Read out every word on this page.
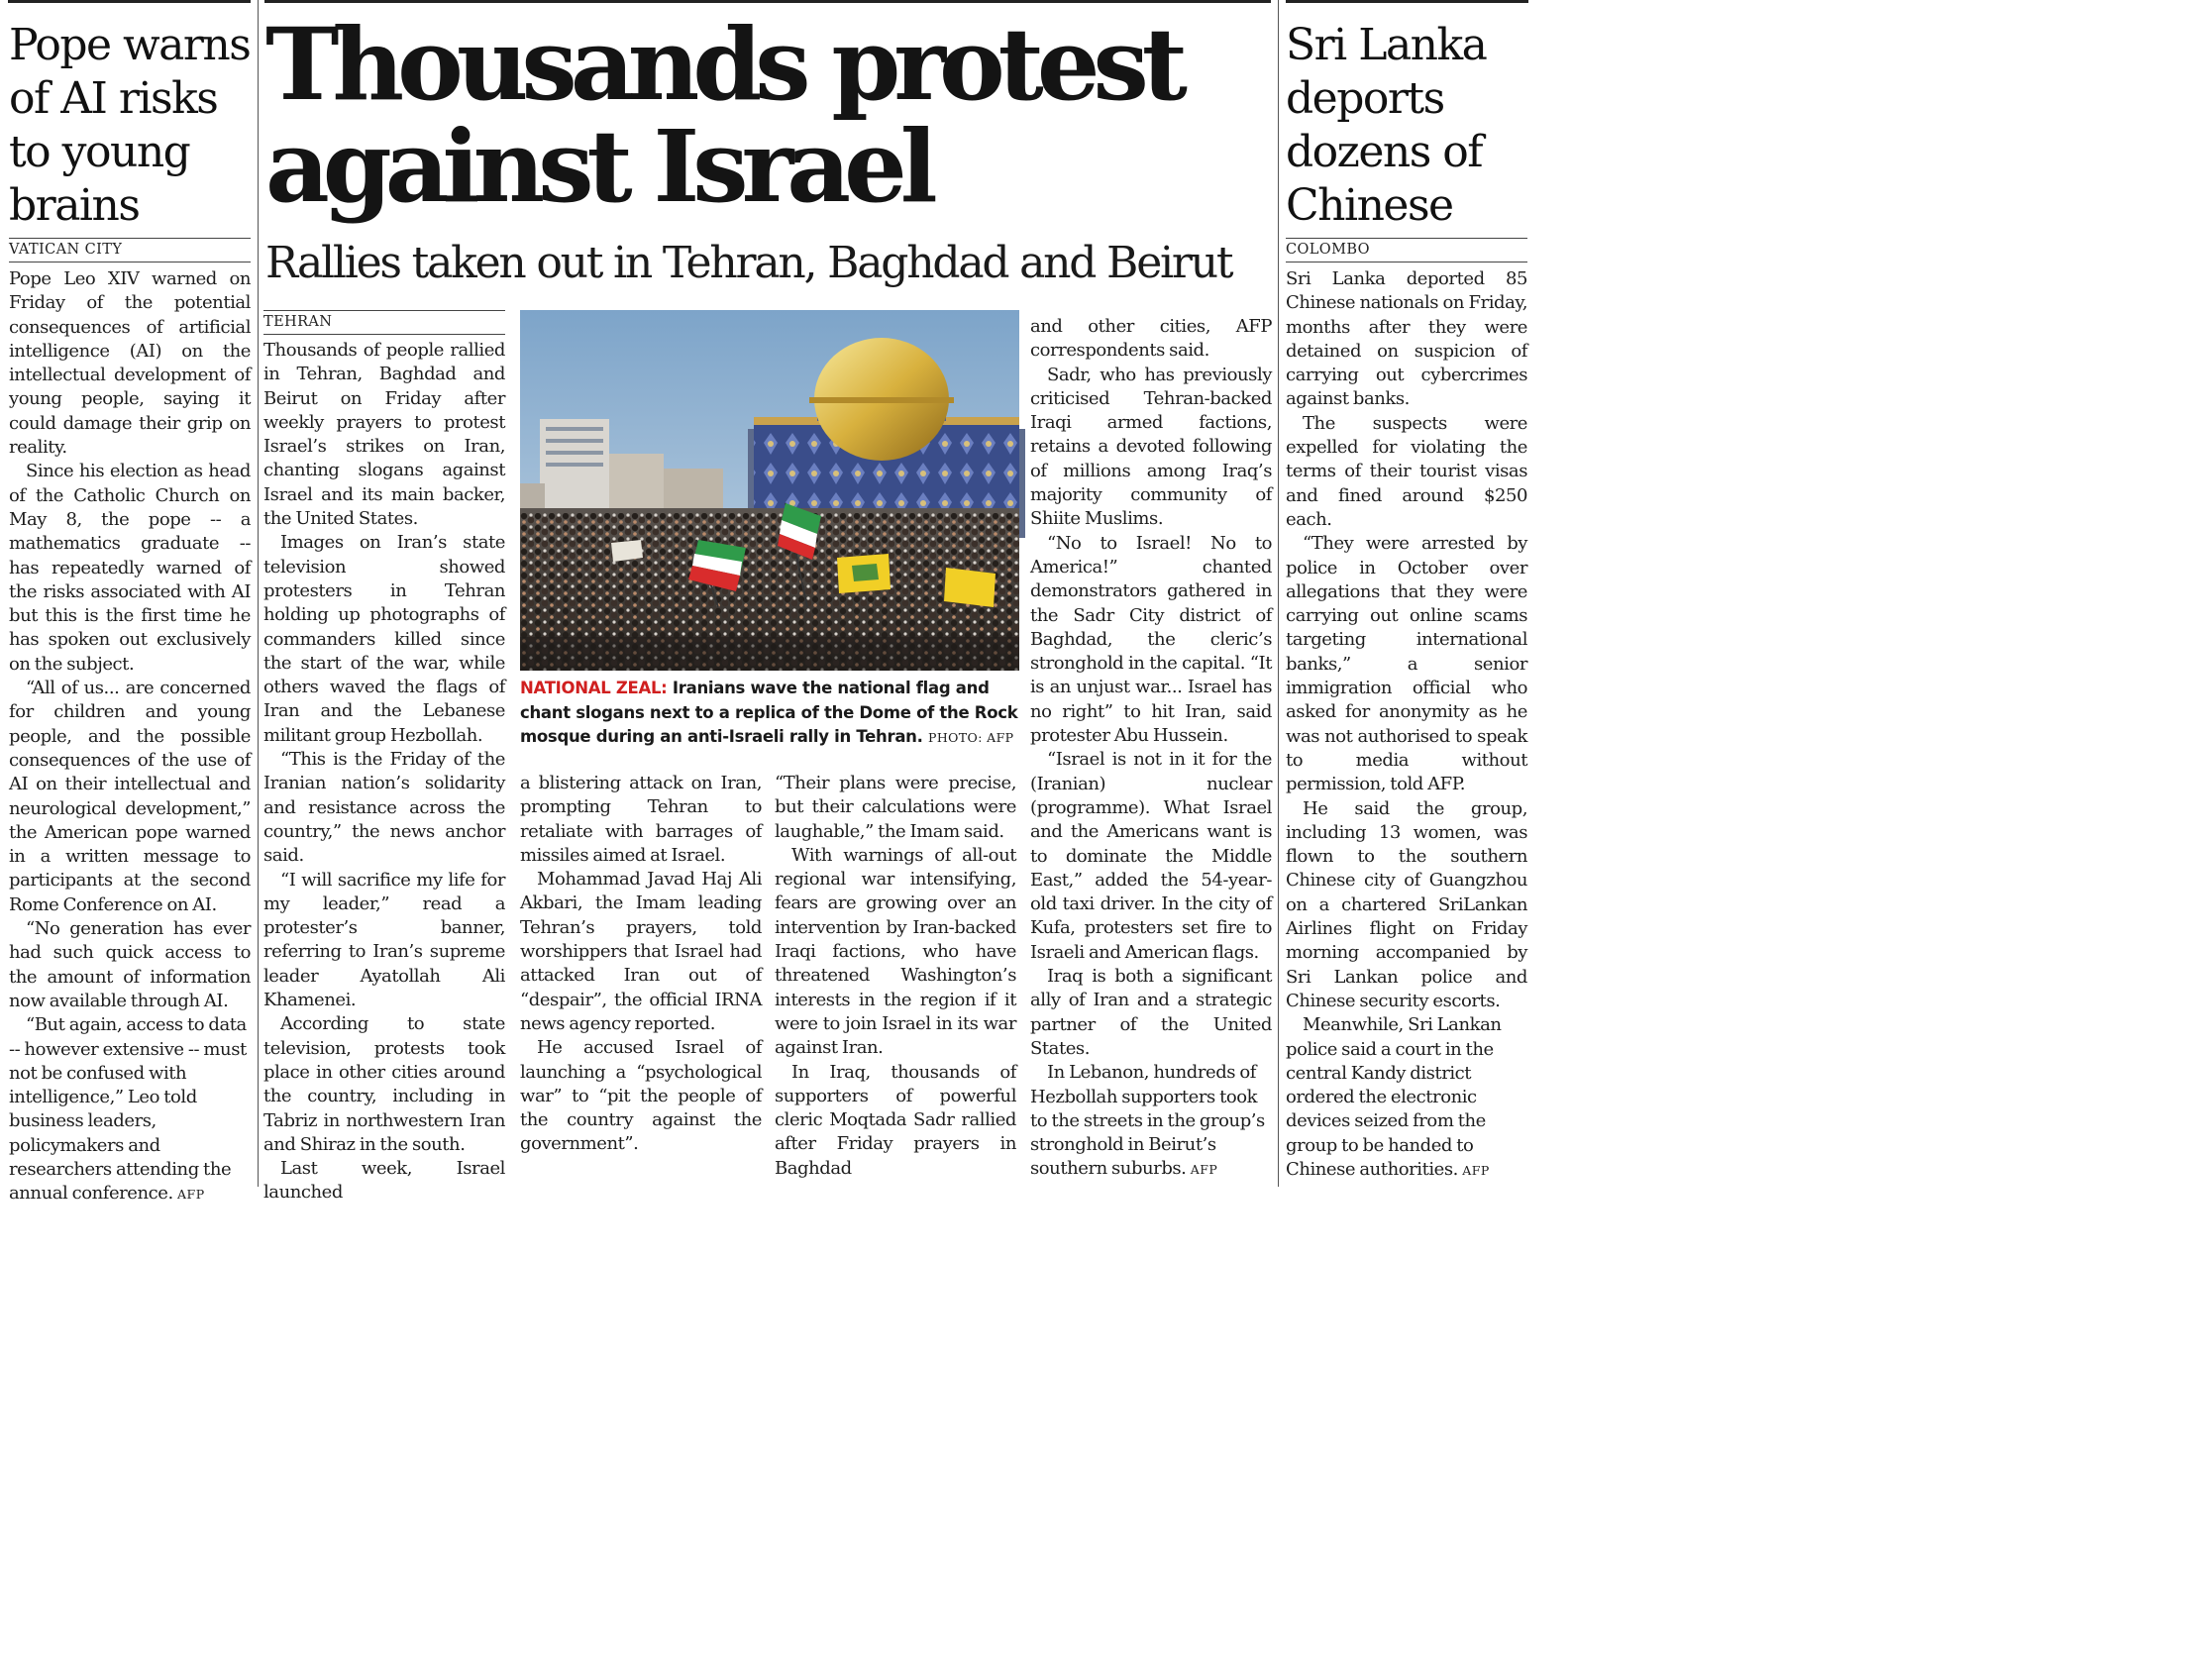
Pope warns of AI risks to young brains
VATICAN CITY

Pope Leo XIV warned on Friday of the potential consequences of artificial intelligence (AI) on the intellectual development of young people, saying it could damage their grip on reality.

Since his election as head of the Catholic Church on May 8, the pope -- a mathematics graduate -- has repeatedly warned of the risks associated with AI but this is the first time he has spoken out exclusively on the subject.

“All of us... are concerned for children and young people, and the possible consequences of the use of AI on their intellectual and neurological development,” the American pope warned in a written message to participants at the second Rome Conference on AI.

“No generation has ever had such quick access to the amount of information now available through AI.

“But again, access to data -- however extensive -- must not be confused with intelligence,” Leo told business leaders, policymakers and researchers attending the annual conference. AFP

Thousands protest against Israel
Rallies taken out in Tehran, Baghdad and Beirut
TEHRAN

Thousands of people rallied in Tehran, Baghdad and Beirut on Friday after weekly prayers to protest Israel’s strikes on Iran, chanting slogans against Israel and its main backer, the United States.

Images on Iran’s state television showed protesters in Tehran holding up photographs of commanders killed since the start of the war, while others waved the flags of Iran and the Lebanese militant group Hezbollah.

“This is the Friday of the Iranian nation’s solidarity and resistance across the country,” the news anchor said.

“I will sacrifice my life for my leader,” read a protester’s banner, referring to Iran’s supreme leader Ayatollah Ali Khamenei.

According to state television, protests took place in other cities around the country, including in Tabriz in northwestern Iran and Shiraz in the south.

Last week, Israel launched

NATIONAL ZEAL: Iranians wave the national flag and chant slogans next to a replica of the Dome of the Rock mosque during an anti-Israeli rally in Tehran. PHOTO: AFP

a blistering attack on Iran, prompting Tehran to retaliate with barrages of missiles aimed at Israel.

Mohammad Javad Haj Ali Akbari, the Imam leading Tehran’s prayers, told worshippers that Israel had attacked Iran out of “despair”, the official IRNA news agency reported.

He accused Israel of launching a “psychological war” to “pit the people of the country against the government”.

“Their plans were precise, but their calculations were laughable,” the Imam said.

With warnings of all-out regional war intensifying, fears are growing over an intervention by Iran-backed Iraqi factions, who have threatened Washington’s interests in the region if it were to join Israel in its war against Iran.

In Iraq, thousands of supporters of powerful cleric Moqtada Sadr rallied after Friday prayers in Baghdad

and other cities, AFP correspondents said.

Sadr, who has previously criticised Tehran-backed Iraqi armed factions, retains a devoted following of millions among Iraq’s majority community of Shiite Muslims.

“No to Israel! No to America!” chanted demonstrators gathered in the Sadr City district of Baghdad, the cleric’s stronghold in the capital. “It is an unjust war... Israel has no right” to hit Iran, said protester Abu Hussein.

“Israel is not in it for the (Iranian) nuclear (programme). What Israel and the Americans want is to dominate the Middle East,” added the 54-year-old taxi driver. In the city of Kufa, protesters set fire to Israeli and American flags.

Iraq is both a significant ally of Iran and a strategic partner of the United States.

In Lebanon, hundreds of Hezbollah supporters took to the streets in the group’s stronghold in Beirut’s southern suburbs. AFP

Sri Lanka deports dozens of Chinese
COLOMBO

Sri Lanka deported 85 Chinese nationals on Friday, months after they were detained on suspicion of carrying out cybercrimes against banks.

The suspects were expelled for violating the terms of their tourist visas and fined around $250 each.

“They were arrested by police in October over allegations that they were carrying out online scams targeting international banks,” a senior immigration official who asked for anonymity as he was not authorised to speak to media without permission, told AFP.

He said the group, including 13 women, was flown to the southern Chinese city of Guangzhou on a chartered SriLankan Airlines flight on Friday morning accompanied by Sri Lankan police and Chinese security escorts.

Meanwhile, Sri Lankan police said a court in the central Kandy district ordered the electronic devices seized from the group to be handed to Chinese authorities. AFP
